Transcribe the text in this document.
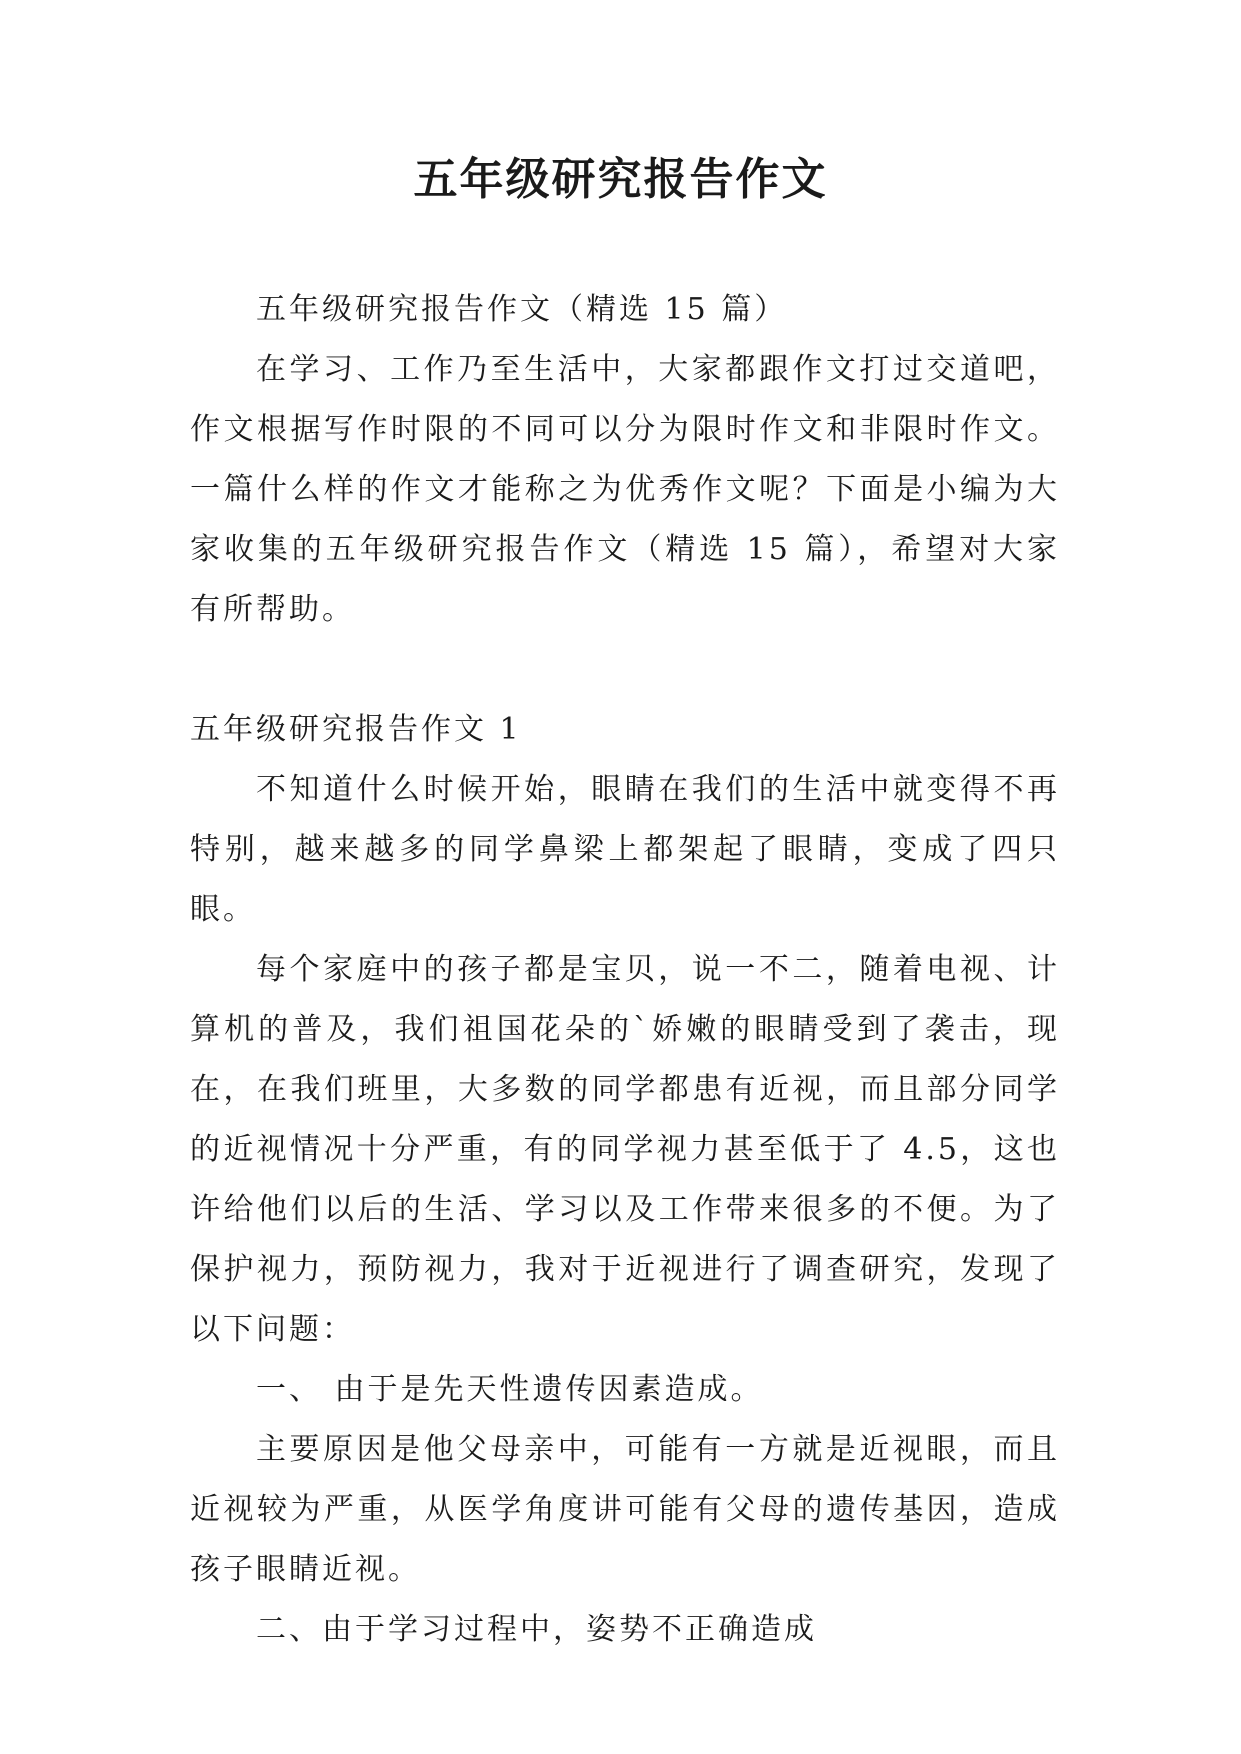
五年级研究报告作文

五年级研究报告作文（精选 15 篇）

在学习、工作乃至生活中，大家都跟作文打过交道吧，作文根据写作时限的不同可以分为限时作文和非限时作文。一篇什么样的作文才能称之为优秀作文呢？下面是小编为大家收集的五年级研究报告作文（精选 15 篇），希望对大家有所帮助。

五年级研究报告作文 1

不知道什么时候开始，眼睛在我们的生活中就变得不再特别，越来越多的同学鼻梁上都架起了眼睛，变成了四只眼。

每个家庭中的孩子都是宝贝，说一不二，随着电视、计算机的普及，我们祖国花朵的`娇嫩的眼睛受到了袭击，现在，在我们班里，大多数的同学都患有近视，而且部分同学的近视情况十分严重，有的同学视力甚至低于了 4.5，这也许给他们以后的生活、学习以及工作带来很多的不便。为了保护视力，预防视力，我对于近视进行了调查研究，发现了以下问题：

一、 由于是先天性遗传因素造成。

主要原因是他父母亲中，可能有一方就是近视眼，而且近视较为严重，从医学角度讲可能有父母的遗传基因，造成孩子眼睛近视。

二、由于学习过程中，姿势不正确造成
